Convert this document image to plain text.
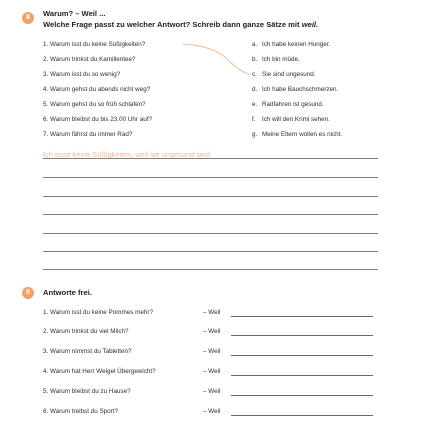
8	Warum? – Weil ...
Welche Frage passt zu welcher Antwort? Schreib dann ganze Sätze mit weil.
1. Warum isst du keine Süßigkeiten?
2. Warum trinkst du Kamillentee?
3. Warum isst du so wenig?
4. Warum gehst du abends nicht weg?
5. Warum gehst du so früh schlafen?
6. Warum bleibst du bis 23.00 Uhr auf?
7. Warum fährst du immer Rad?
a. Ich habe keinen Hunger.
b. Ich bin müde.
c. Sie sind ungesund.
d. Ich habe Bauchschmerzen.
e. Radfahren ist gesund.
f. Ich will den Krimi sehen.
g. Meine Eltern wollen es nicht.
Ich esse keine Süßigkeiten, weil sie ungesund sind.
9	Antworte frei.
1. Warum isst du keine Pommes mehr?	– Weil
2. Warum trinkst du viel Milch?	– Weil
3. Warum nimmst du Tabletten?	– Weil
4. Warum hat Herr Weigel Übergewicht?	– Weil
5. Warum bleibst du zu Hause?	– Weil
6. Warum treibst du Sport?	– Weil
